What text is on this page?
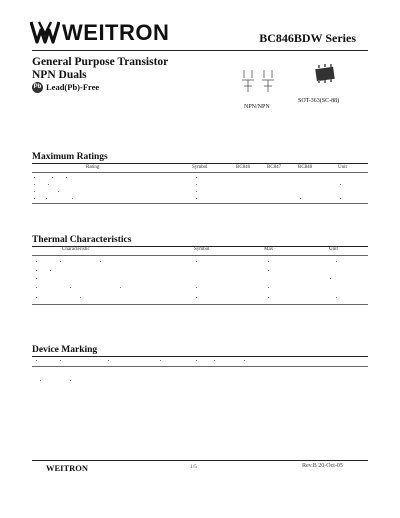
WEITRON	BC846BDW Series
General Purpose Transistor
NPN Duals
Pb Lead(Pb)-Free
NPN/NPN
SOT-363(SC-88)
Maximum Ratings
Rating	Symbol	BC846	BC847	BC848	Unit
Thermal Characteristics
Characteristic	Symbol	Max	Unit
Device Marking
WEITRON	1/5	Rev.B 20-Oct-05
